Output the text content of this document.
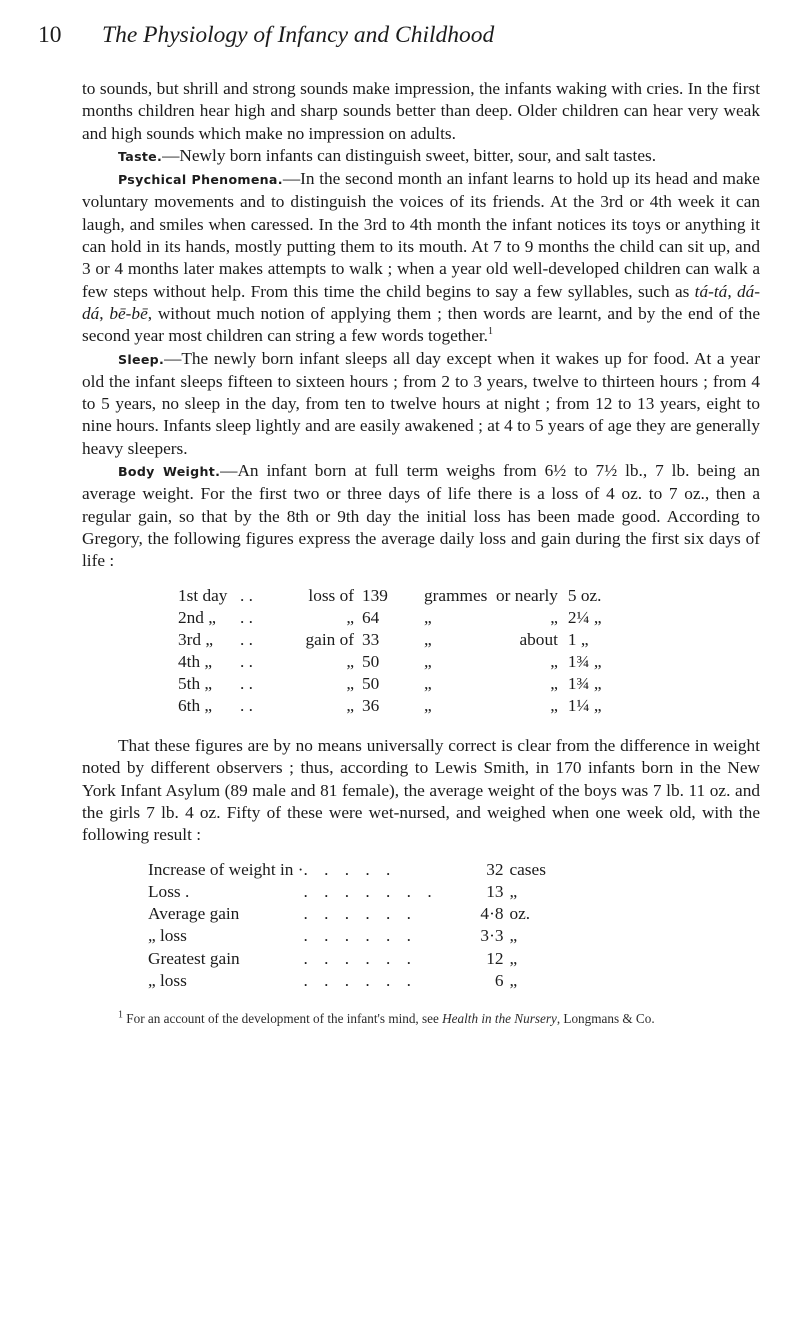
10 The Physiology of Infancy and Childhood

to sounds, but shrill and strong sounds make impression, the infants waking with cries. In the first months children hear high and sharp sounds better than deep. Older children can hear very weak and high sounds which make no impression on adults.

Taste.—Newly born infants can distinguish sweet, bitter, sour, and salt tastes.

Psychical Phenomena.—In the second month an infant learns to hold up its head and make voluntary movements and to distinguish the voices of its friends. At the 3rd or 4th week it can laugh, and smiles when caressed. In the 3rd to 4th month the infant notices its toys or anything it can hold in its hands, mostly putting them to its mouth. At 7 to 9 months the child can sit up, and 3 or 4 months later makes attempts to walk ; when a year old well-developed children can walk a few steps without help. From this time the child begins to say a few syllables, such as tá-tá, dá-dá, bē-bē, without much notion of applying them ; then words are learnt, and by the end of the second year most children can string a few words together.$^1$

Sleep.—The newly born infant sleeps all day except when it wakes up for food. At a year old the infant sleeps fifteen to sixteen hours ; from 2 to 3 years, twelve to thirteen hours ; from 4 to 5 years, no sleep in the day, from ten to twelve hours at night ; from 12 to 13 years, eight to nine hours. Infants sleep lightly and are easily awakened ; at 4 to 5 years of age they are generally heavy sleepers.

Body Weight.—An infant born at full term weighs from 6½ to 7½ lb., 7 lb. being an average weight. For the first two or three days of life there is a loss of 4 oz. to 7 oz., then a regular gain, so that by the 8th or 9th day the initial loss has been made good. According to Gregory, the following figures express the average daily loss and gain during the first six days of life :

1st day	. .	loss of	139	grammes	or nearly	5 oz.
2nd „	. .	„	64	„	„	2¼ „
3rd „	. .	gain of	33	„	about	1 „
4th „	. .	„	50	„	„	1¾ „
5th „	. .	„	50	„	„	1¾ „
6th „	. .	„	36	„	„	1¼ „

That these figures are by no means universally correct is clear from the difference in weight noted by different observers ; thus, according to Lewis Smith, in 170 infants born in the New York Infant Asylum (89 male and 81 female), the average weight of the boys was 7 lb. 11 oz. and the girls 7 lb. 4 oz. Fifty of these were wet-nursed, and weighed when one week old, with the following result :

Increase of weight in ·	. . . . .	32	cases
Loss .	. . . . . . .	13	„
Average gain	. . . . . .	4·8	oz.
„ loss	. . . . . .	3·3	„
Greatest gain	. . . . . .	12	„
„ loss	. . . . . .	6	„

$^1$ For an account of the development of the infant's mind, see Health in the Nursery, Longmans & Co.
